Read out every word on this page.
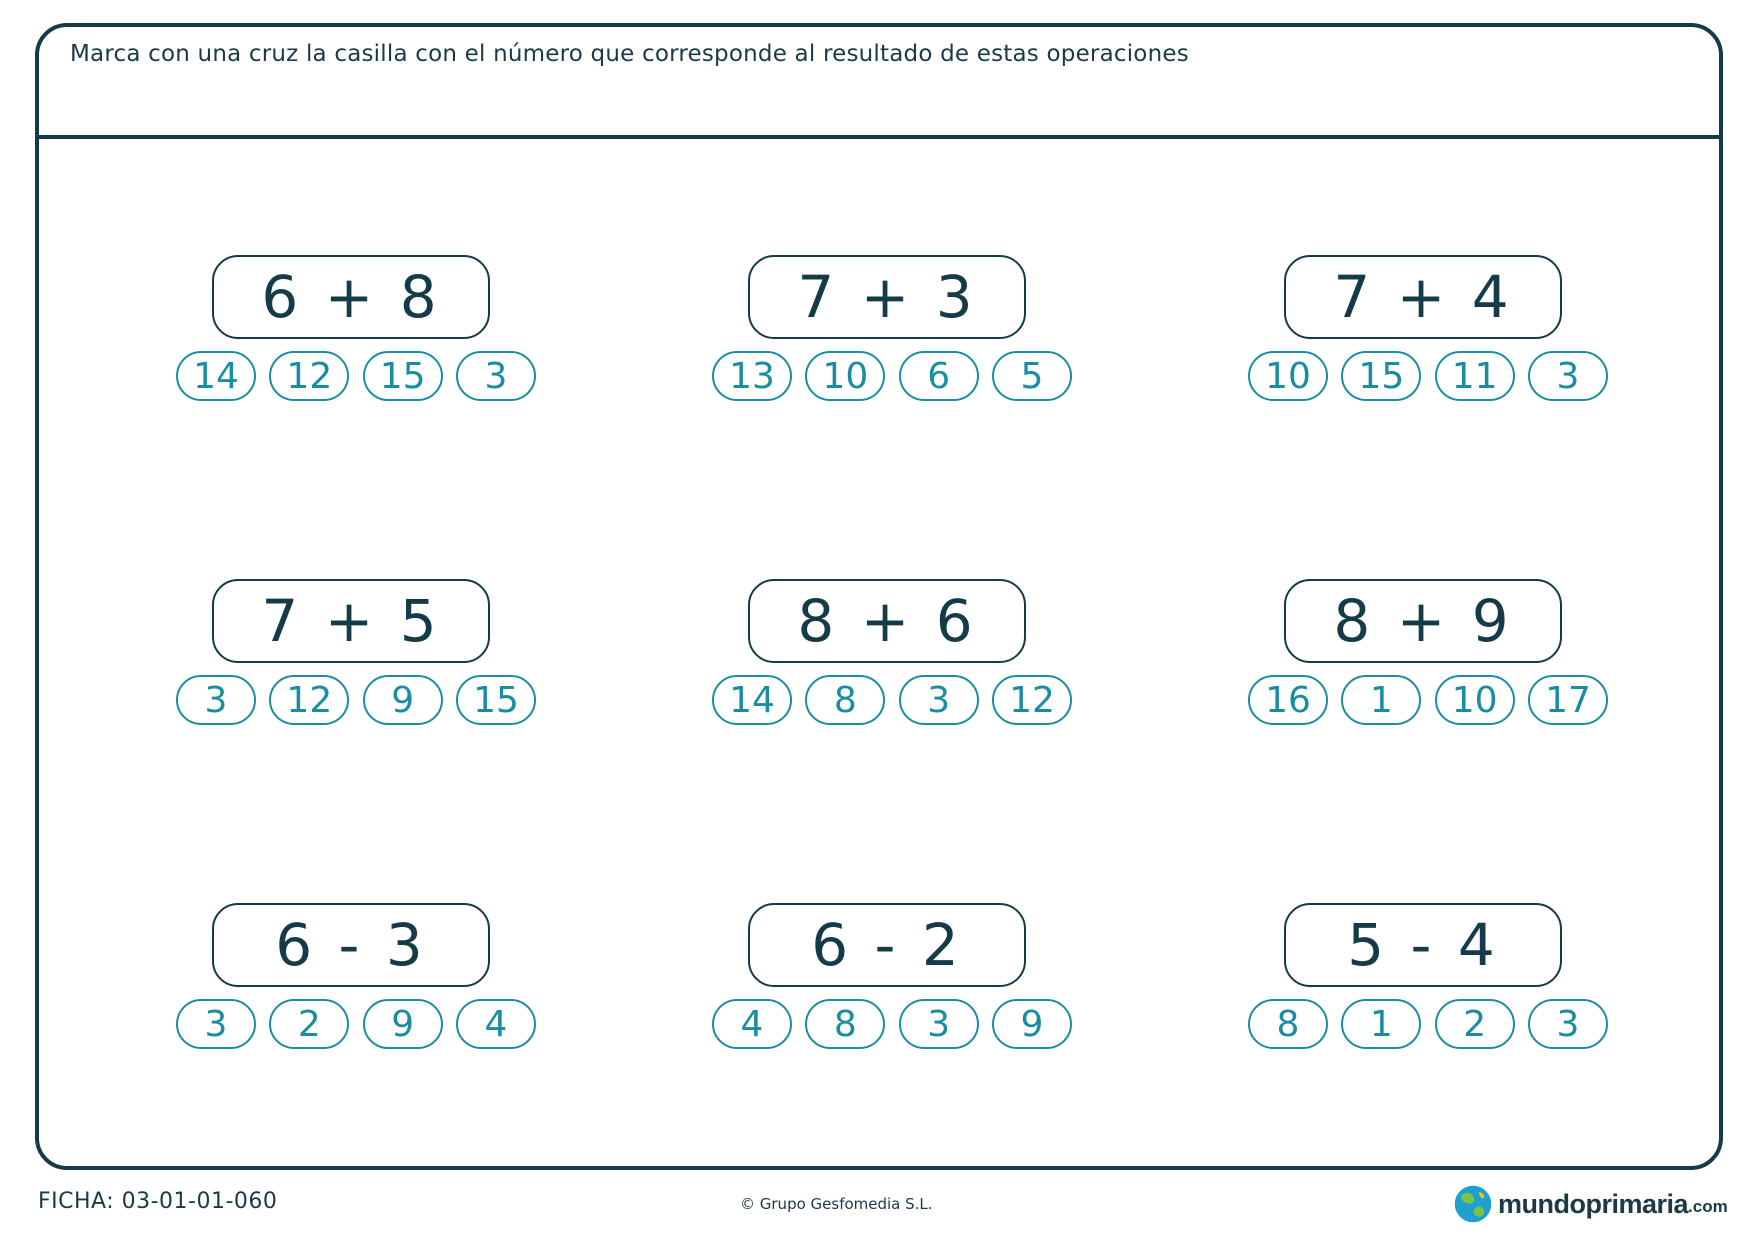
Marca con una cruz la casilla con el número que corresponde al resultado de estas operaciones
6 + 8
14	12	15	3
7 + 3
13	10	6	5
7 + 4
10	15	11	3
7 + 5
3	12	9	15
8 + 6
14	8	3	12
8 + 9
16	1	10	17
6 - 3
3	2	9	4
6 - 2
4	8	3	9
5 - 4
8	1	2	3
FICHA: 03-01-01-060	© Grupo Gesfomedia S.L.	mundoprimaria .com
